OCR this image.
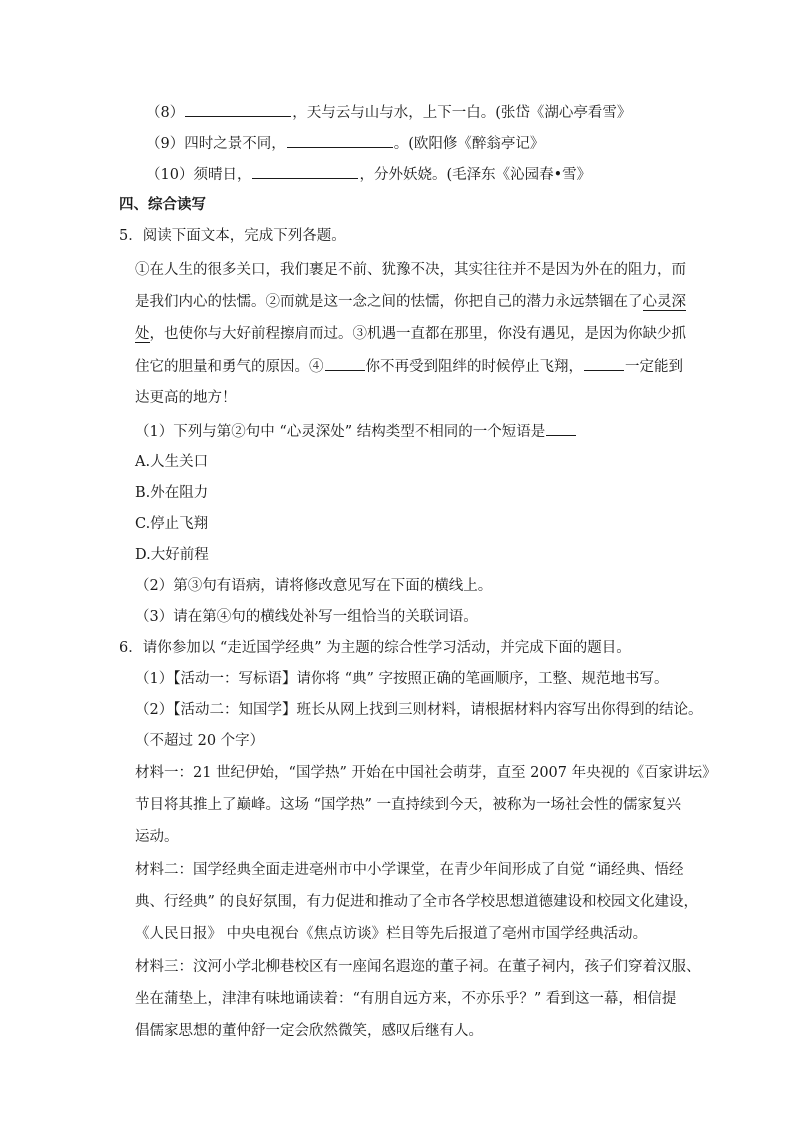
（8）	，天与云与山与水，上下一白。(张岱《湖心亭看雪》
（9）四时之景不同，	。(欧阳修《醉翁亭记》
（10）须晴日，	，分外妖娆。(毛泽东《沁园春•雪》
四、综合读写
5．阅读下面文本，完成下列各题。
①在人生的很多关口，我们裹足不前、犹豫不决，其实往往并不是因为外在的阻力，而
是我们内心的怯懦。②而就是这一念之间的怯懦，你把自己的潜力永远禁锢在了心灵深
处，也使你与大好前程擦肩而过。③机遇一直都在那里，你没有遇见，是因为你缺少抓
住它的胆量和勇气的原因。④	你不再受到阻绊的时候停止飞翔，	一定能到
达更高的地方！
（1）下列与第②句中 “心灵深处” 结构类型不相同的一个短语是
A.人生关口
B.外在阻力
C.停止飞翔
D.大好前程
（2）第③句有语病，请将修改意见写在下面的横线上。
（3）请在第④句的横线处补写一组恰当的关联词语。
6．请你参加以 “走近国学经典” 为主题的综合性学习活动，并完成下面的题目。
（1）【活动一：写标语】请你将 “典” 字按照正确的笔画顺序，工整、规范地书写。
（2）【活动二：知国学】班长从网上找到三则材料，请根据材料内容写出你得到的结论。
（不超过 20 个字）
材料一：21 世纪伊始，“国学热” 开始在中国社会萌芽，直至 2007 年央视的《百家讲坛》
节目将其推上了巅峰。这场 “国学热” 一直持续到今天，被称为一场社会性的儒家复兴
运动。
材料二：国学经典全面走进亳州市中小学课堂，在青少年间形成了自觉 “诵经典、悟经
典、行经典” 的良好氛围，有力促进和推动了全市各学校思想道德建设和校园文化建设，
《人民日报》 中央电视台《焦点访谈》栏目等先后报道了亳州市国学经典活动。
材料三：汶河小学北柳巷校区有一座闻名遐迩的董子祠。在董子祠内，孩子们穿着汉服、
坐在蒲垫上，津津有味地诵读着：“有朋自远方来，不亦乐乎？” 看到这一幕，相信提
倡儒家思想的董仲舒一定会欣然微笑，感叹后继有人。
